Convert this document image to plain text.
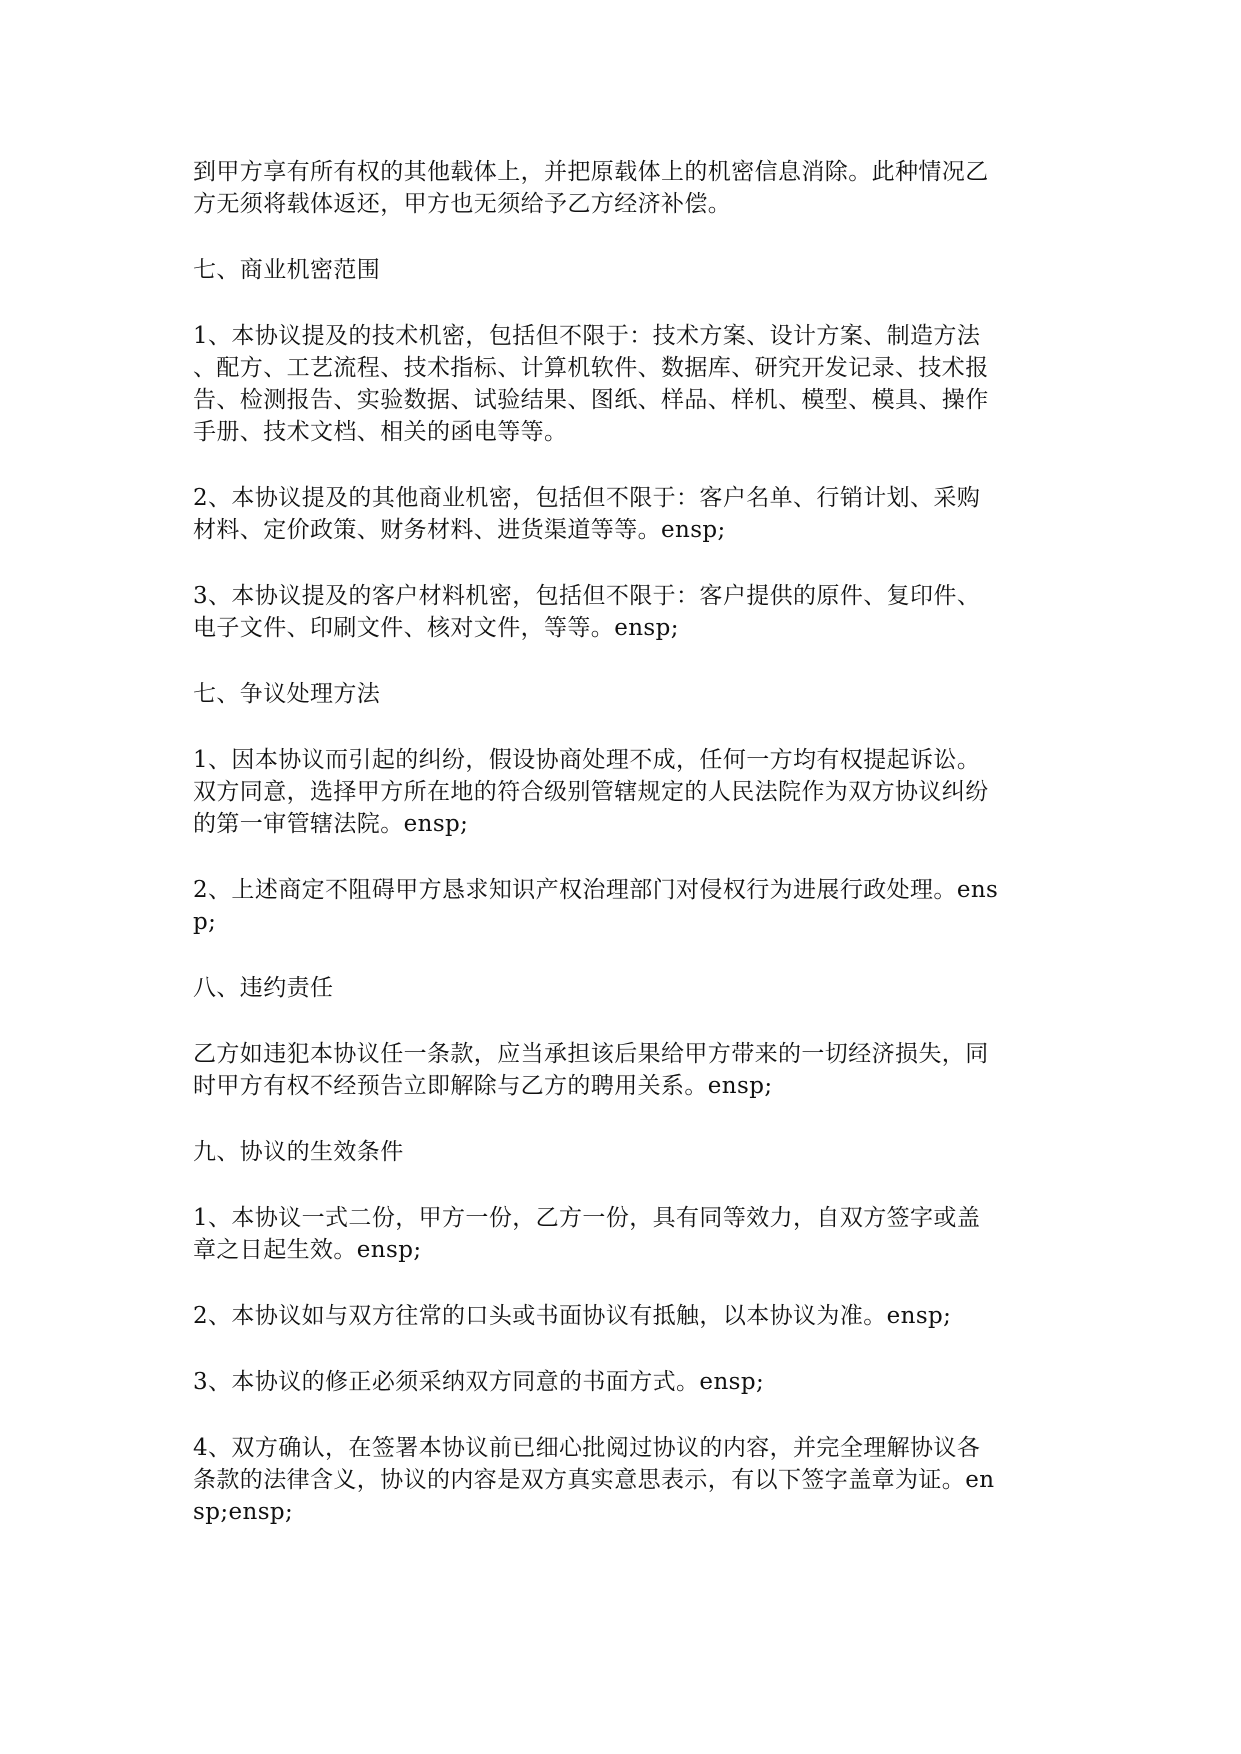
到甲方享有所有权的其他载体上，并把原载体上的机密信息消除。此种情况乙
方无须将载体返还，甲方也无须给予乙方经济补偿。

七、商业机密范围

1、本协议提及的技术机密，包括但不限于：技术方案、设计方案、制造方法
、配方、工艺流程、技术指标、计算机软件、数据库、研究开发记录、技术报
告、检测报告、实验数据、试验结果、图纸、样品、样机、模型、模具、操作
手册、技术文档、相关的函电等等。

2、本协议提及的其他商业机密，包括但不限于：客户名单、行销计划、采购
材料、定价政策、财务材料、进货渠道等等。ensp;

3、本协议提及的客户材料机密，包括但不限于：客户提供的原件、复印件、
电子文件、印刷文件、核对文件，等等。ensp;

七、争议处理方法

1、因本协议而引起的纠纷，假设协商处理不成，任何一方均有权提起诉讼。
双方同意，选择甲方所在地的符合级别管辖规定的人民法院作为双方协议纠纷
的第一审管辖法院。ensp;

2、上述商定不阻碍甲方恳求知识产权治理部门对侵权行为进展行政处理。ens
p;

八、违约责任

乙方如违犯本协议任一条款，应当承担该后果给甲方带来的一切经济损失，同
时甲方有权不经预告立即解除与乙方的聘用关系。ensp;

九、协议的生效条件

1、本协议一式二份，甲方一份，乙方一份，具有同等效力，自双方签字或盖
章之日起生效。ensp;

2、本协议如与双方往常的口头或书面协议有抵触，以本协议为准。ensp;

3、本协议的修正必须采纳双方同意的书面方式。ensp;

4、双方确认，在签署本协议前已细心批阅过协议的内容，并完全理解协议各
条款的法律含义，协议的内容是双方真实意思表示，有以下签字盖章为证。en
sp;ensp;
